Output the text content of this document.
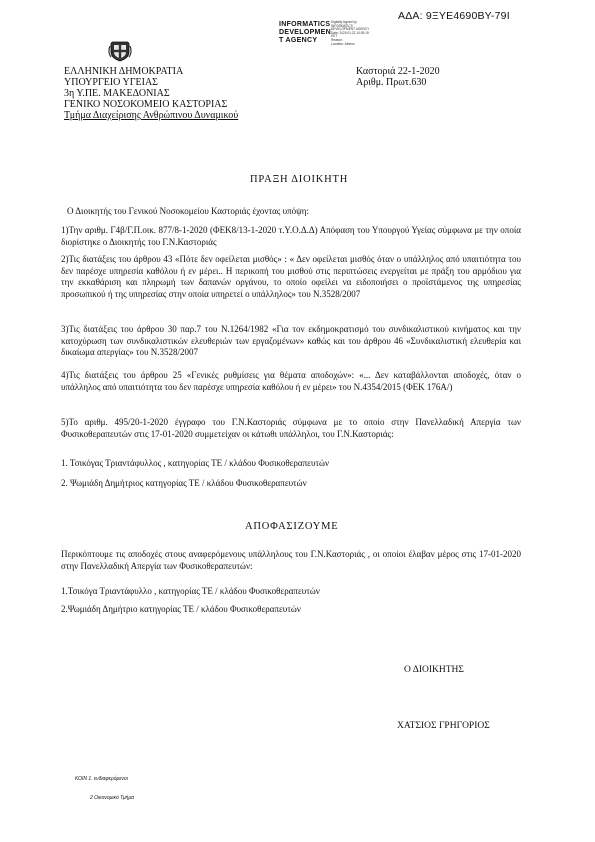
ΑΔΑ: 9ΞΥΕ4690ΒΥ-79Ι
INFORMATICS
DEVELOPMEN
T AGENCY
Digitally signed by
INFORMATICS
DEVELOPMENT AGENCY
Date: 2020.01.22 10:39:15
EET
Reason:
Location: Athens
ΕΛΛΗΝΙΚΗ ΔΗΜΟΚΡΑΤΙΑ
ΥΠΟΥΡΓΕΙΟ ΥΓΕΙΑΣ
3η Υ.ΠΕ. ΜΑΚΕΔΟΝΙΑΣ
ΓΕΝΙΚΟ ΝΟΣΟΚΟΜΕΙΟ ΚΑΣΤΟΡΙΑΣ
Τμήμα Διαχείρισης Ανθρώπινου Δυναμικού
Καστοριά 22-1-2020
Αριθμ. Πρωτ.630
ΠΡΑΞΗ ΔΙΟΙΚΗΤΗ
Ο Διοικητής του Γενικού Νοσοκομείου Καστοριάς έχοντας υπόψη:
1)Την αριθμ. Γ4β/Γ.Π.οικ. 877/8-1-2020 (ΦΕΚ8/13-1-2020 τ.Υ.Ο.Δ.Δ) Απόφαση του Υπουργού Υγείας σύμφωνα με την οποία διορίστηκε ο Διοικητής του Γ.Ν.Καστοριάς
2)Τις διατάξεις του άρθρου 43 «Πότε δεν οφείλεται μισθός» : « Δεν οφείλεται μισθός όταν ο υπάλληλος από υπαιτιότητα του δεν παρέσχε υπηρεσία καθόλου ή εν μέρει.. Η περικοπή του μισθού στις περιπτώσεις ενεργείται με πράξη του αρμόδιου για την εκκαθάριση και πληρωμή των δαπανών οργάνου, το οποίο οφείλει να ειδοποιήσει ο προϊστάμενος της υπηρεσίας προσωπικού ή της υπηρεσίας στην οποία υπηρετεί ο υπάλληλος» του Ν.3528/2007
3)Τις διατάξεις του άρθρου 30 παρ.7 του Ν.1264/1982 «Για τον εκδημοκρατισμό του συνδικαλιστικού κινήματος και την κατοχύρωση των συνδικαλιστικών ελευθεριών των εργαζομένων» καθώς και του άρθρου 46 «Συνδικαλιστική ελευθερία και δικαίωμα απεργίας» του Ν.3528/2007
4)Τις διατάξεις του άρθρου 25 «Γενικές ρυθμίσεις για θέματα αποδοχών»: «... Δεν καταβάλλονται αποδοχές, όταν ο υπάλληλος από υπαιτιότητα του δεν παρέσχε υπηρεσία καθόλου ή εν μέρει» του Ν.4354/2015 (ΦΕΚ 176Α/)
5)Το αριθμ. 495/20-1-2020 έγγραφο του Γ.Ν.Καστοριάς σύμφωνα με το οποίο στην Πανελλαδική Απεργία των Φυσικοθεραπευτών στις 17-01-2020 συμμετείχαν οι κάτωθι υπάλληλοι, του Γ.Ν.Καστοριάς:
1. Τσικόγας Τριαντάφυλλος , κατηγορίας ΤΕ / κλάδου Φυσικοθεραπευτών
2. Ψωμιάδη Δημήτριος κατηγορίας ΤΕ / κλάδου Φυσικοθεραπευτών
ΑΠΟΦΑΣΙΖΟΥΜΕ
Περικόπτουμε τις αποδοχές στους αναφερόμενους υπάλληλους του Γ.Ν.Καστοριάς , οι οποίοι έλαβαν μέρος στις 17-01-2020 στην Πανελλαδική Απεργία των Φυσικοθεραπευτών:
1.Τσικόγα Τριαντάφυλλο , κατηγορίας ΤΕ / κλάδου Φυσικοθεραπευτών
2.Ψωμιάδη Δημήτριο κατηγορίας ΤΕ / κλάδου Φυσικοθεραπευτών
Ο ΔΙΟΙΚΗΤΗΣ
ΧΑΤΣΙΟΣ ΓΡΗΓΟΡΙΟΣ
ΚΟΙΝ 1. ενδιαφερόμενοι
2 Οικονομικό Τμήμα
